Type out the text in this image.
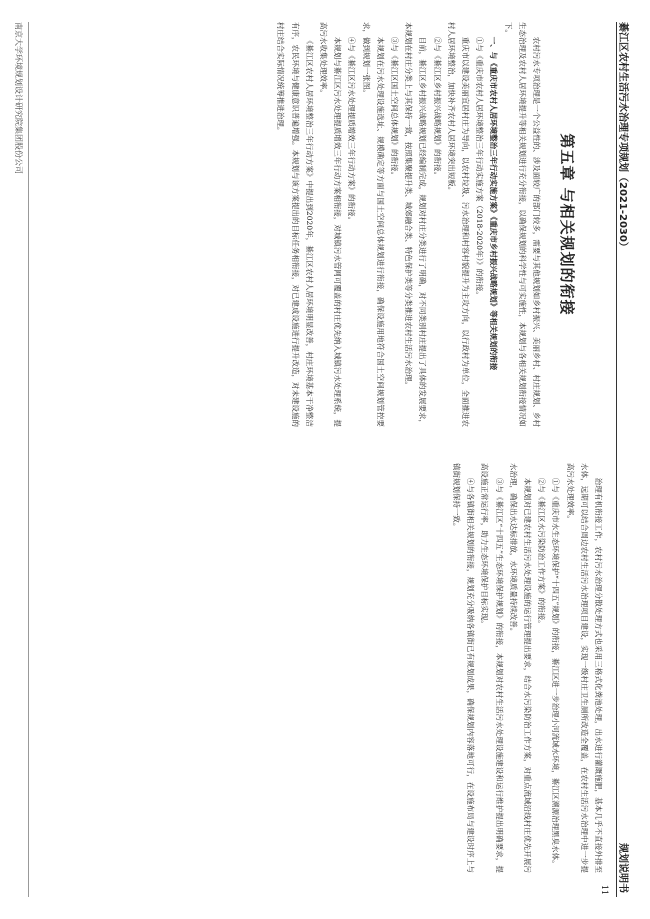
綦江区农村生活污水治理专项规划（2021-2030）
规划说明书
11
第五章 与相关规划的衔接

农村污水专项治理是一个公益性的、涉及面较广的部门较多，需要与其他规划如乡村振兴、美丽乡村、村庄规划、乡村生态治理及农村人居环境提升等相关规划进行充分衔接，以确保规划的科学性与可实施性，本规划与各相关规划衔接情况如下。

一、与《重庆市农村人居环境整治三年行动实施方案》《重庆市乡村振兴战略规划》等相关规划的衔接

①与《重庆市农村人居环境整治三年行动实施方案（2018-2020年）》的衔接。

重庆市以建设美丽宜居村庄为导向，以农村垃圾、污水治理和村容村貌提升为主攻方向，以行政村为单位，全面推进农村人居环境整治，加快补齐农村人居环境突出短板。

②与《綦江区乡村振兴战略规划》的衔接。

目前，綦江区乡村振兴战略规划已经编制完成，规划对村庄分类进行了明确，对不同类别村庄提出了具体的发展要求，本规划在村庄分类上与其保持一致，按照集聚提升类、城郊融合类、特色保护类等分类推进农村生活污水治理。

③与《綦江区国土空间总体规划》的衔接。

本规划在污水处理设施选址、规模确定等方面与国土空间总体规划进行衔接，确保设施用地符合国土空间规划管控要求，做到规划一张图。

④与《綦江区污水处理提质增效三年行动方案》的衔接。

本规划与綦江区污水处理提质增效三年行动方案相衔接，对城镇污水管网可覆盖的村庄优先纳入城镇污水处理系统，提高污水收集处理效率。

《綦江区农村人居环境整治三年行动方案》中提出到2020年，綦江区农村人居环境明显改善，村庄环境基本干净整洁有序，农民环境与健康意识普遍增强。本规划与该方案提出的目标任务相衔接，对已建成设施进行提升改造，对未建设施的村庄结合实际情况统筹推进治理。

治理有机衔接工作，农村污水治理分散处理方式也采用三格式化粪池处理，出水进行灌溉施肥，基本几乎不直接外排至水体，远期可以结合周边农村生活污水治理项目建设，实现一级村庄卫生厕所改造全覆盖，在农村生活污水治理中进一步提高污水处理效率。

①与《重庆市水生态环境保护“十四五”规划》的衔接，綦江区进一步治理小河流域水环境，綦江区溯源治理黑臭水体。

②与《綦江区水污染防治工作方案》的衔接。

本规划对已建农村生活污水处理设施的运行管理提出要求，结合水污染防治工作方案，对重点流域沿线村庄优先开展污水治理，确保出水达标排放，水环境质量持续改善。

③与《綦江区“十四五”生态环境保护规划》的衔接，本规划对农村生活污水处理设施建设和运行维护提出明确要求，提高设施正常运行率，助力生态环境保护目标实现。

④与各镇街相关规划的衔接，规划充分吸纳各镇街已有规划成果，确保规划内容落地可行，在设施布局与建设时序上与镇街规划保持一致。

南京大学环境规划设计研究院集团股份公司
